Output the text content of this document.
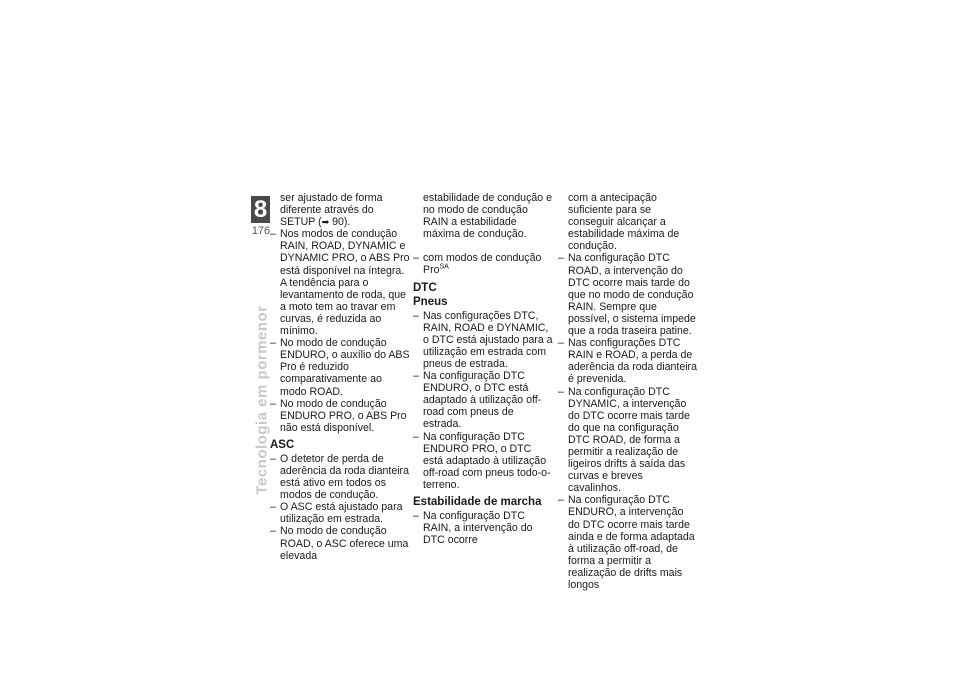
8
176
Tecnologia em pormenor

ser ajustado de forma diferente através do SETUP (➡ 90).

– Nos modos de condução RAIN, ROAD, DYNAMIC e DYNAMIC PRO, o ABS Pro está disponível na íntegra. A tendência para o levantamento de roda, que a moto tem ao travar em curvas, é reduzida ao mínimo.

– No modo de condução ENDURO, o auxílio do ABS Pro é reduzido comparativamente ao modo ROAD.

– No modo de condução ENDURO PRO, o ABS Pro não está disponível.

ASC

– O detetor de perda de aderência da roda dianteira está ativo em todos os modos de condução.

– O ASC está ajustado para utilização em estrada.

– No modo de condução ROAD, o ASC oferece uma elevada

estabilidade de condução e no modo de condução RAIN a estabilidade máxima de condução.

– com modos de condução Pro$^{SA}$

DTC
Pneus

– Nas configurações DTC, RAIN, ROAD e DYNAMIC, o DTC está ajustado para a utilização em estrada com pneus de estrada.

– Na configuração DTC ENDURO, o DTC está adaptado à utilização off-road com pneus de estrada.

– Na configuração DTC ENDURO PRO, o DTC está adaptado à utilização off-road com pneus todo-o-terreno.

Estabilidade de marcha

– Na configuração DTC RAIN, a intervenção do DTC ocorre

com a antecipação suficiente para se conseguir alcançar a estabilidade máxima de condução.

– Na configuração DTC ROAD, a intervenção do DTC ocorre mais tarde do que no modo de condução RAIN. Sempre que possível, o sistema impede que a roda traseira patine.

– Nas configurações DTC RAIN e ROAD, a perda de aderência da roda dianteira é prevenida.

– Na configuração DTC DYNAMIC, a intervenção do DTC ocorre mais tarde do que na configuração DTC ROAD, de forma a permitir a realização de ligeiros drifts à saída das curvas e breves cavalinhos.

– Na configuração DTC ENDURO, a intervenção do DTC ocorre mais tarde ainda e de forma adaptada à utilização off-road, de forma a permitir a realização de drifts mais longos
